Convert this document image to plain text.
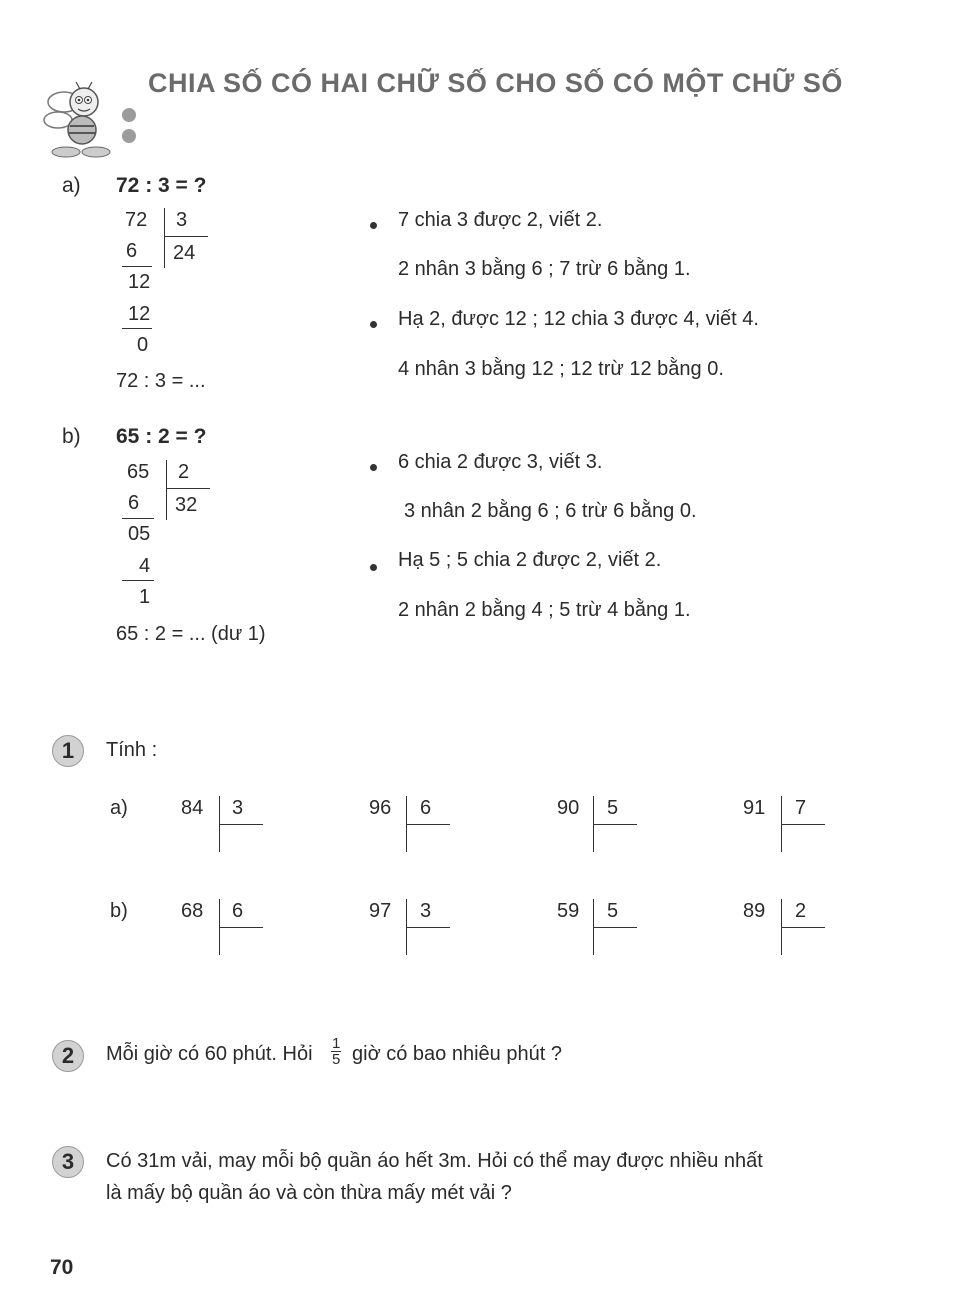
CHIA SỐ CÓ HAI CHỮ SỐ CHO SỐ CÓ MỘT CHỮ SỐ
a) 72 : 3 = ?
72 3
24
6
12
12
0
72 : 3 = ...
7 chia 3 được 2, viết 2.
2 nhân 3 bằng 6 ; 7 trừ 6 bằng 1.
Hạ 2, được 12 ; 12 chia 3 được 4, viết 4.
4 nhân 3 bằng 12 ; 12 trừ 12 bằng 0.
b) 65 : 2 = ?
65 2
32
6
05
4
1
65 : 2 = ... (dư 1)
6 chia 2 được 3, viết 3.
3 nhân 2 bằng 6 ; 6 trừ 6 bằng 0.
Hạ 5 ; 5 chia 2 được 2, viết 2.
2 nhân 2 bằng 4 ; 5 trừ 4 bằng 1.
1	Tính :
a)
b)
84 3	96 6	90 5	91 7
68 6	97 3	59 5	89 2
2	Mỗi giờ có 60 phút. Hỏi $\frac{1}{5}$ giờ có bao nhiêu phút ?
3	Có 31m vải, may mỗi bộ quần áo hết 3m. Hỏi có thể may được nhiều nhất
là mấy bộ quần áo và còn thừa mấy mét vải ?
70
